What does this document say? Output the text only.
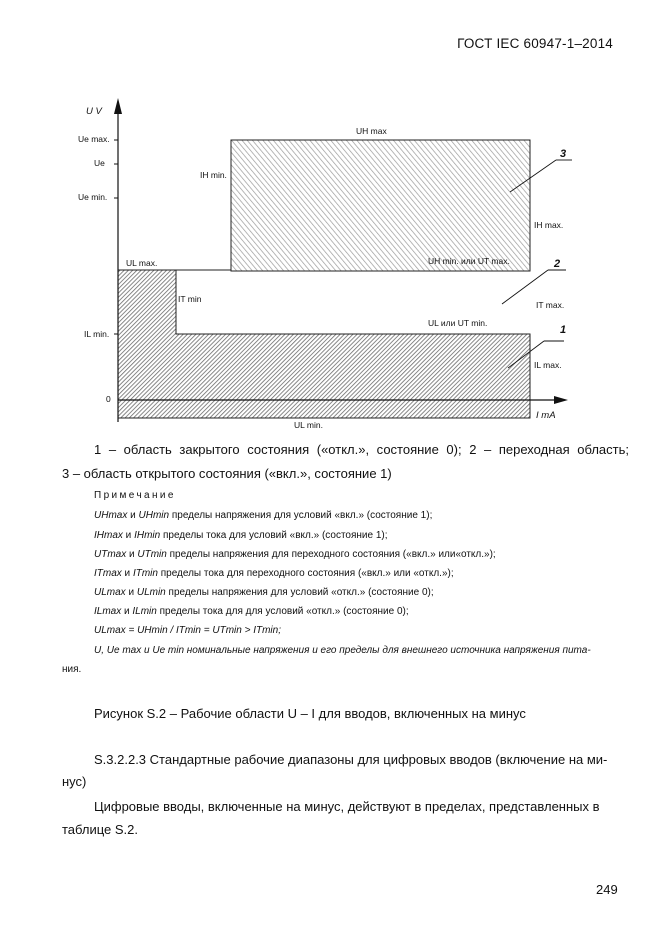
ГОСТ IEC 60947-1–2014
U V
I mA
Ue max.
Ue
Ue min.
IL min.
0
UH max
IH min.
IH max.
UL max.	UH min. или UT max.
IT min
IT max.
UL или UT min.
IL max.
UL min.
1
2
3
1 – область закрытого состояния («откл.», состояние 0); 2 – переходная область;
3 – область открытого состояния («вкл.», состояние 1)
Примечание
UHmax и UHmin пределы напряжения для условий «вкл.» (состояние 1);
IHmax и IHmin пределы тока для условий «вкл.» (состояние 1);
UTmax и UTmin пределы напряжения для переходного состояния («вкл.» или«откл.»);
ITmax и ITmin пределы тока для переходного состояния («вкл.» или «откл.»);
ULmax и ULmin пределы напряжения для условий «откл.» (состояние 0);
ILmax и ILmin пределы тока для для условий «откл.» (состояние 0);
ULmax = UHmin / ITmin = UTmin > ITmin;
U, Ue max и Ue min номинальные напряжения и его пределы для внешнего источника напряжения пита-
ния.
Рисунок S.2 – Рабочие области U – I для вводов, включенных на минус
S.3.2.2.3 Стандартные рабочие диапазоны для цифровых вводов (включение на ми-
нус)
Цифровые вводы, включенные на минус, действуют в пределах, представленных в
таблице S.2.
249
